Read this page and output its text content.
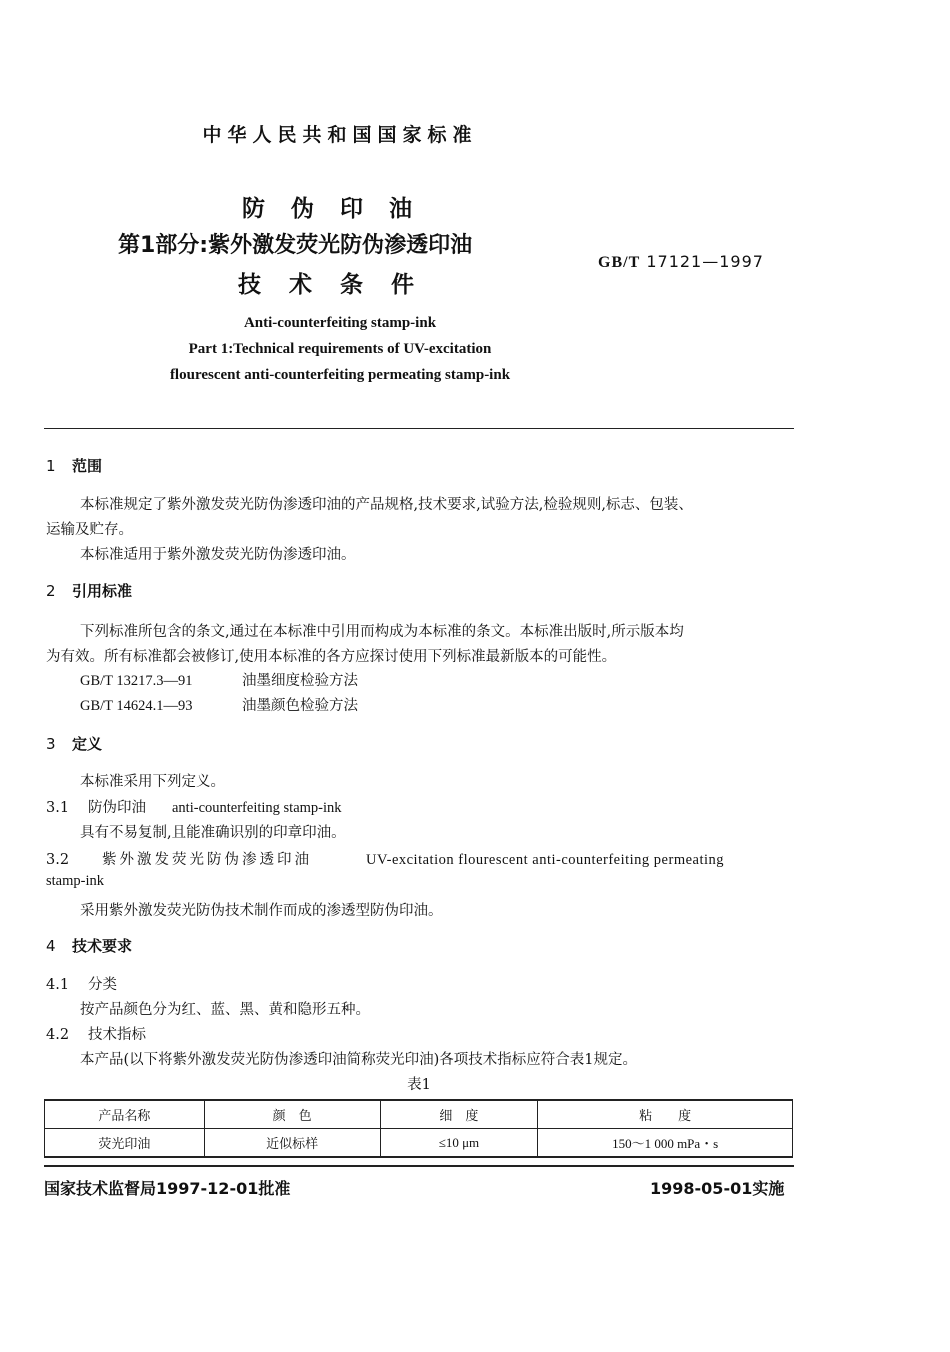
中华人民共和国国家标准
防伪印油
第1部分:紫外激发荧光防伪渗透印油
技术条件
GB/T 17121—1997
Anti-counterfeiting stamp-ink
Part 1:Technical requirements of UV-excitation
flourescent anti-counterfeiting permeating stamp-ink
1 范围
本标准规定了紫外激发荧光防伪渗透印油的产品规格,技术要求,试验方法,检验规则,标志、包装、
运输及贮存。
本标准适用于紫外激发荧光防伪渗透印油。
2 引用标准
下列标准所包含的条文,通过在本标准中引用而构成为本标准的条文。本标准出版时,所示版本均
为有效。所有标准都会被修订,使用本标准的各方应探讨使用下列标准最新版本的可能性。
GB/T 13217.3—91	油墨细度检验方法
GB/T 14624.1—93	油墨颜色检验方法
3 定义
本标准采用下列定义。
3.1 防伪印油 anti-counterfeiting stamp-ink
具有不易复制,且能准确识别的印章印油。
3.2 紫外激发荧光防伪渗透印油	UV-excitation flourescent anti-counterfeiting permeating
stamp-ink
采用紫外激发荧光防伪技术制作而成的渗透型防伪印油。
4 技术要求
4.1 分类
按产品颜色分为红、蓝、黑、黄和隐形五种。
4.2 技术指标
本产品(以下将紫外激发荧光防伪渗透印油简称荧光印油)各项技术指标应符合表1规定。
表1
产品名称	颜　色	细　度	粘　　度
荧光印油	近似标样	≤10 μm	150～1 000 mPa・s
国家技术监督局1997-12-01批准	1998-05-01实施
